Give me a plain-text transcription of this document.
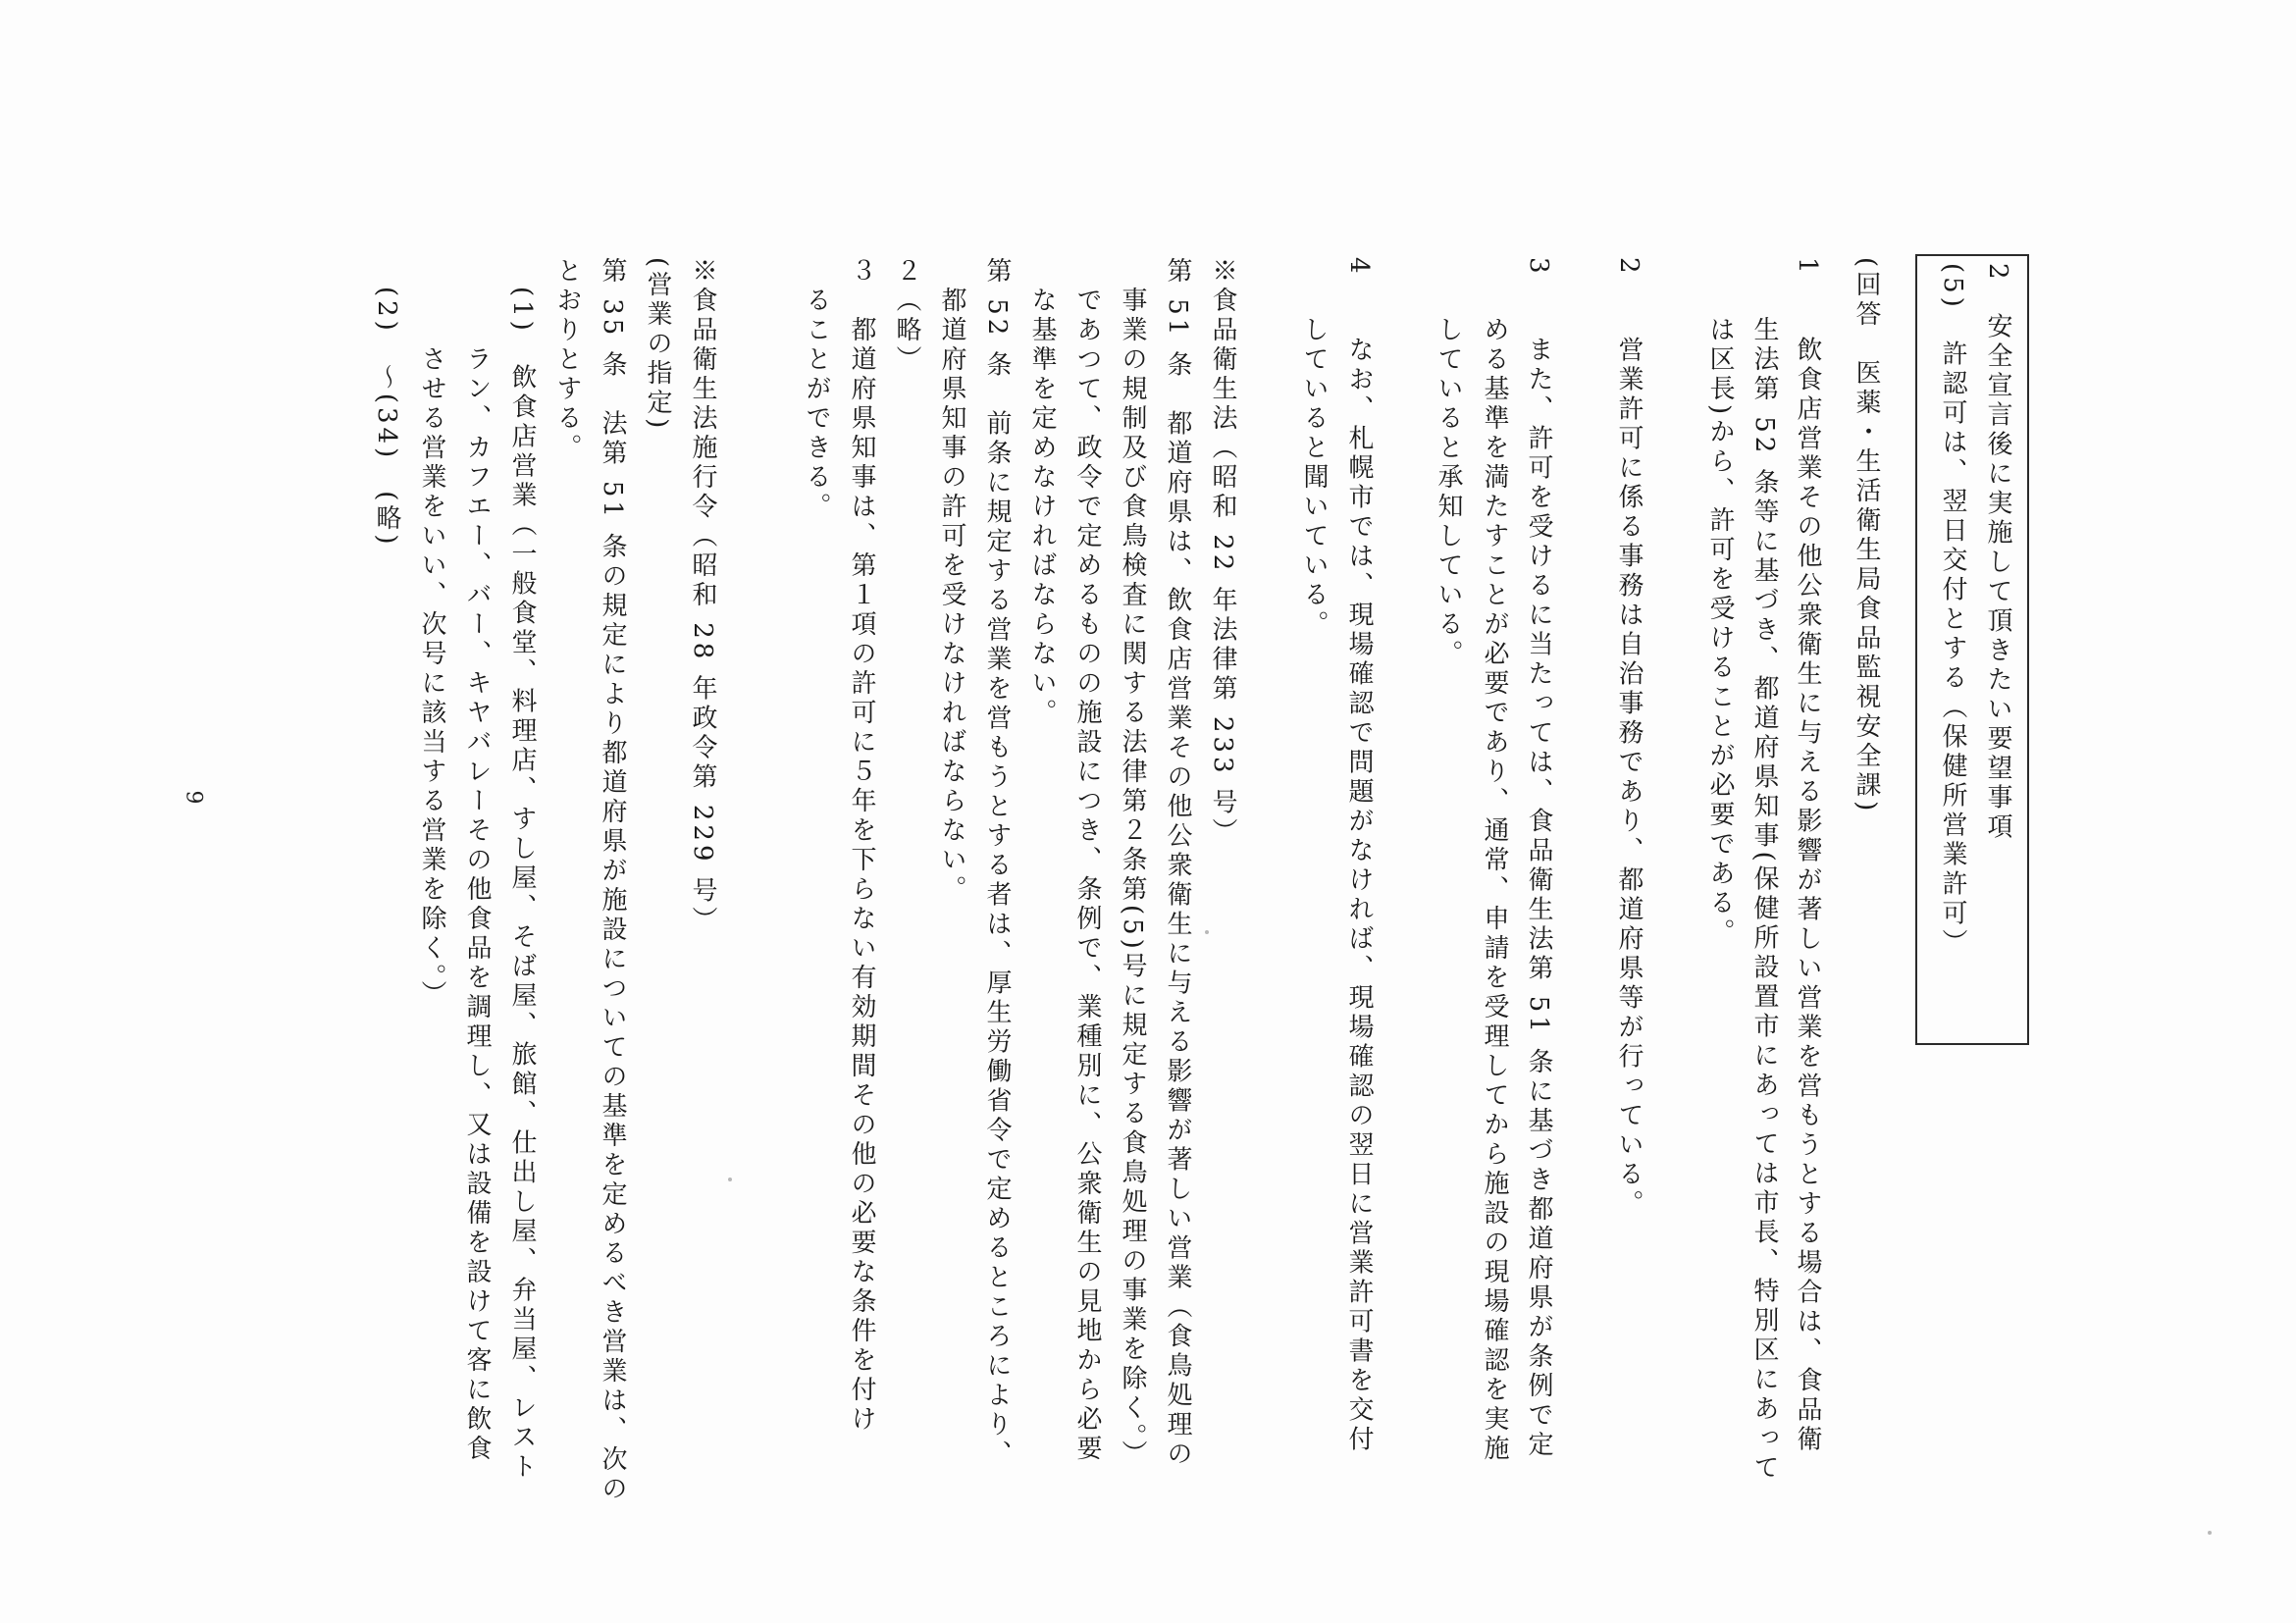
2　安全宣言後に実施して頂きたい要望事項
(5)　許認可は、翌日交付とする（保健所営業許可）
(回答　医薬・生活衛生局食品監視安全課)
1　　飲食店営業その他公衆衛生に与える影響が著しい営業を営もうとする場合は、食品衛
　　生法第 52 条等に基づき、都道府県知事(保健所設置市にあっては市長、特別区にあって
　　は区長)から、許可を受けることが必要である。
2　　営業許可に係る事務は自治事務であり、都道府県等が行っている。
3　　また、許可を受けるに当たっては、食品衛生法第 51 条に基づき都道府県が条例で定
　　める基準を満たすことが必要であり、通常、申請を受理してから施設の現場確認を実施
　　していると承知している。
4　　なお、札幌市では、現場確認で問題がなければ、現場確認の翌日に営業許可書を交付
　　していると聞いている。
※食品衛生法（昭和 22 年法律第 233 号）
第 51 条　都道府県は、飲食店営業その他公衆衛生に与える影響が著しい営業（食鳥処理の
　事業の規制及び食鳥検査に関する法律第２条第(5)号に規定する食鳥処理の事業を除く。）
　であつて、政令で定めるものの施設につき、条例で、業種別に、公衆衛生の見地から必要
　な基準を定めなければならない。
第 52 条　前条に規定する営業を営もうとする者は、厚生労働省令で定めるところにより、
　都道府県知事の許可を受けなければならない。
２（略）
３　都道府県知事は、第１項の許可に５年を下らない有効期間その他の必要な条件を付け
　ることができる。
※食品衛生法施行令（昭和 28 年政令第 229 号）
(営業の指定)
第 35 条　法第 51 条の規定により都道府県が施設についての基準を定めるべき営業は、次の
とおりとする。
　(1)　飲食店営業（一般食堂、料理店、すし屋、そば屋、旅館、仕出し屋、弁当屋、レスト
　　　ラン、カフエー、バー、キヤバレーその他食品を調理し、又は設備を設けて客に飲食
　　　させる営業をいい、次号に該当する営業を除く。）
　(2)　～(34)　(略)
9
